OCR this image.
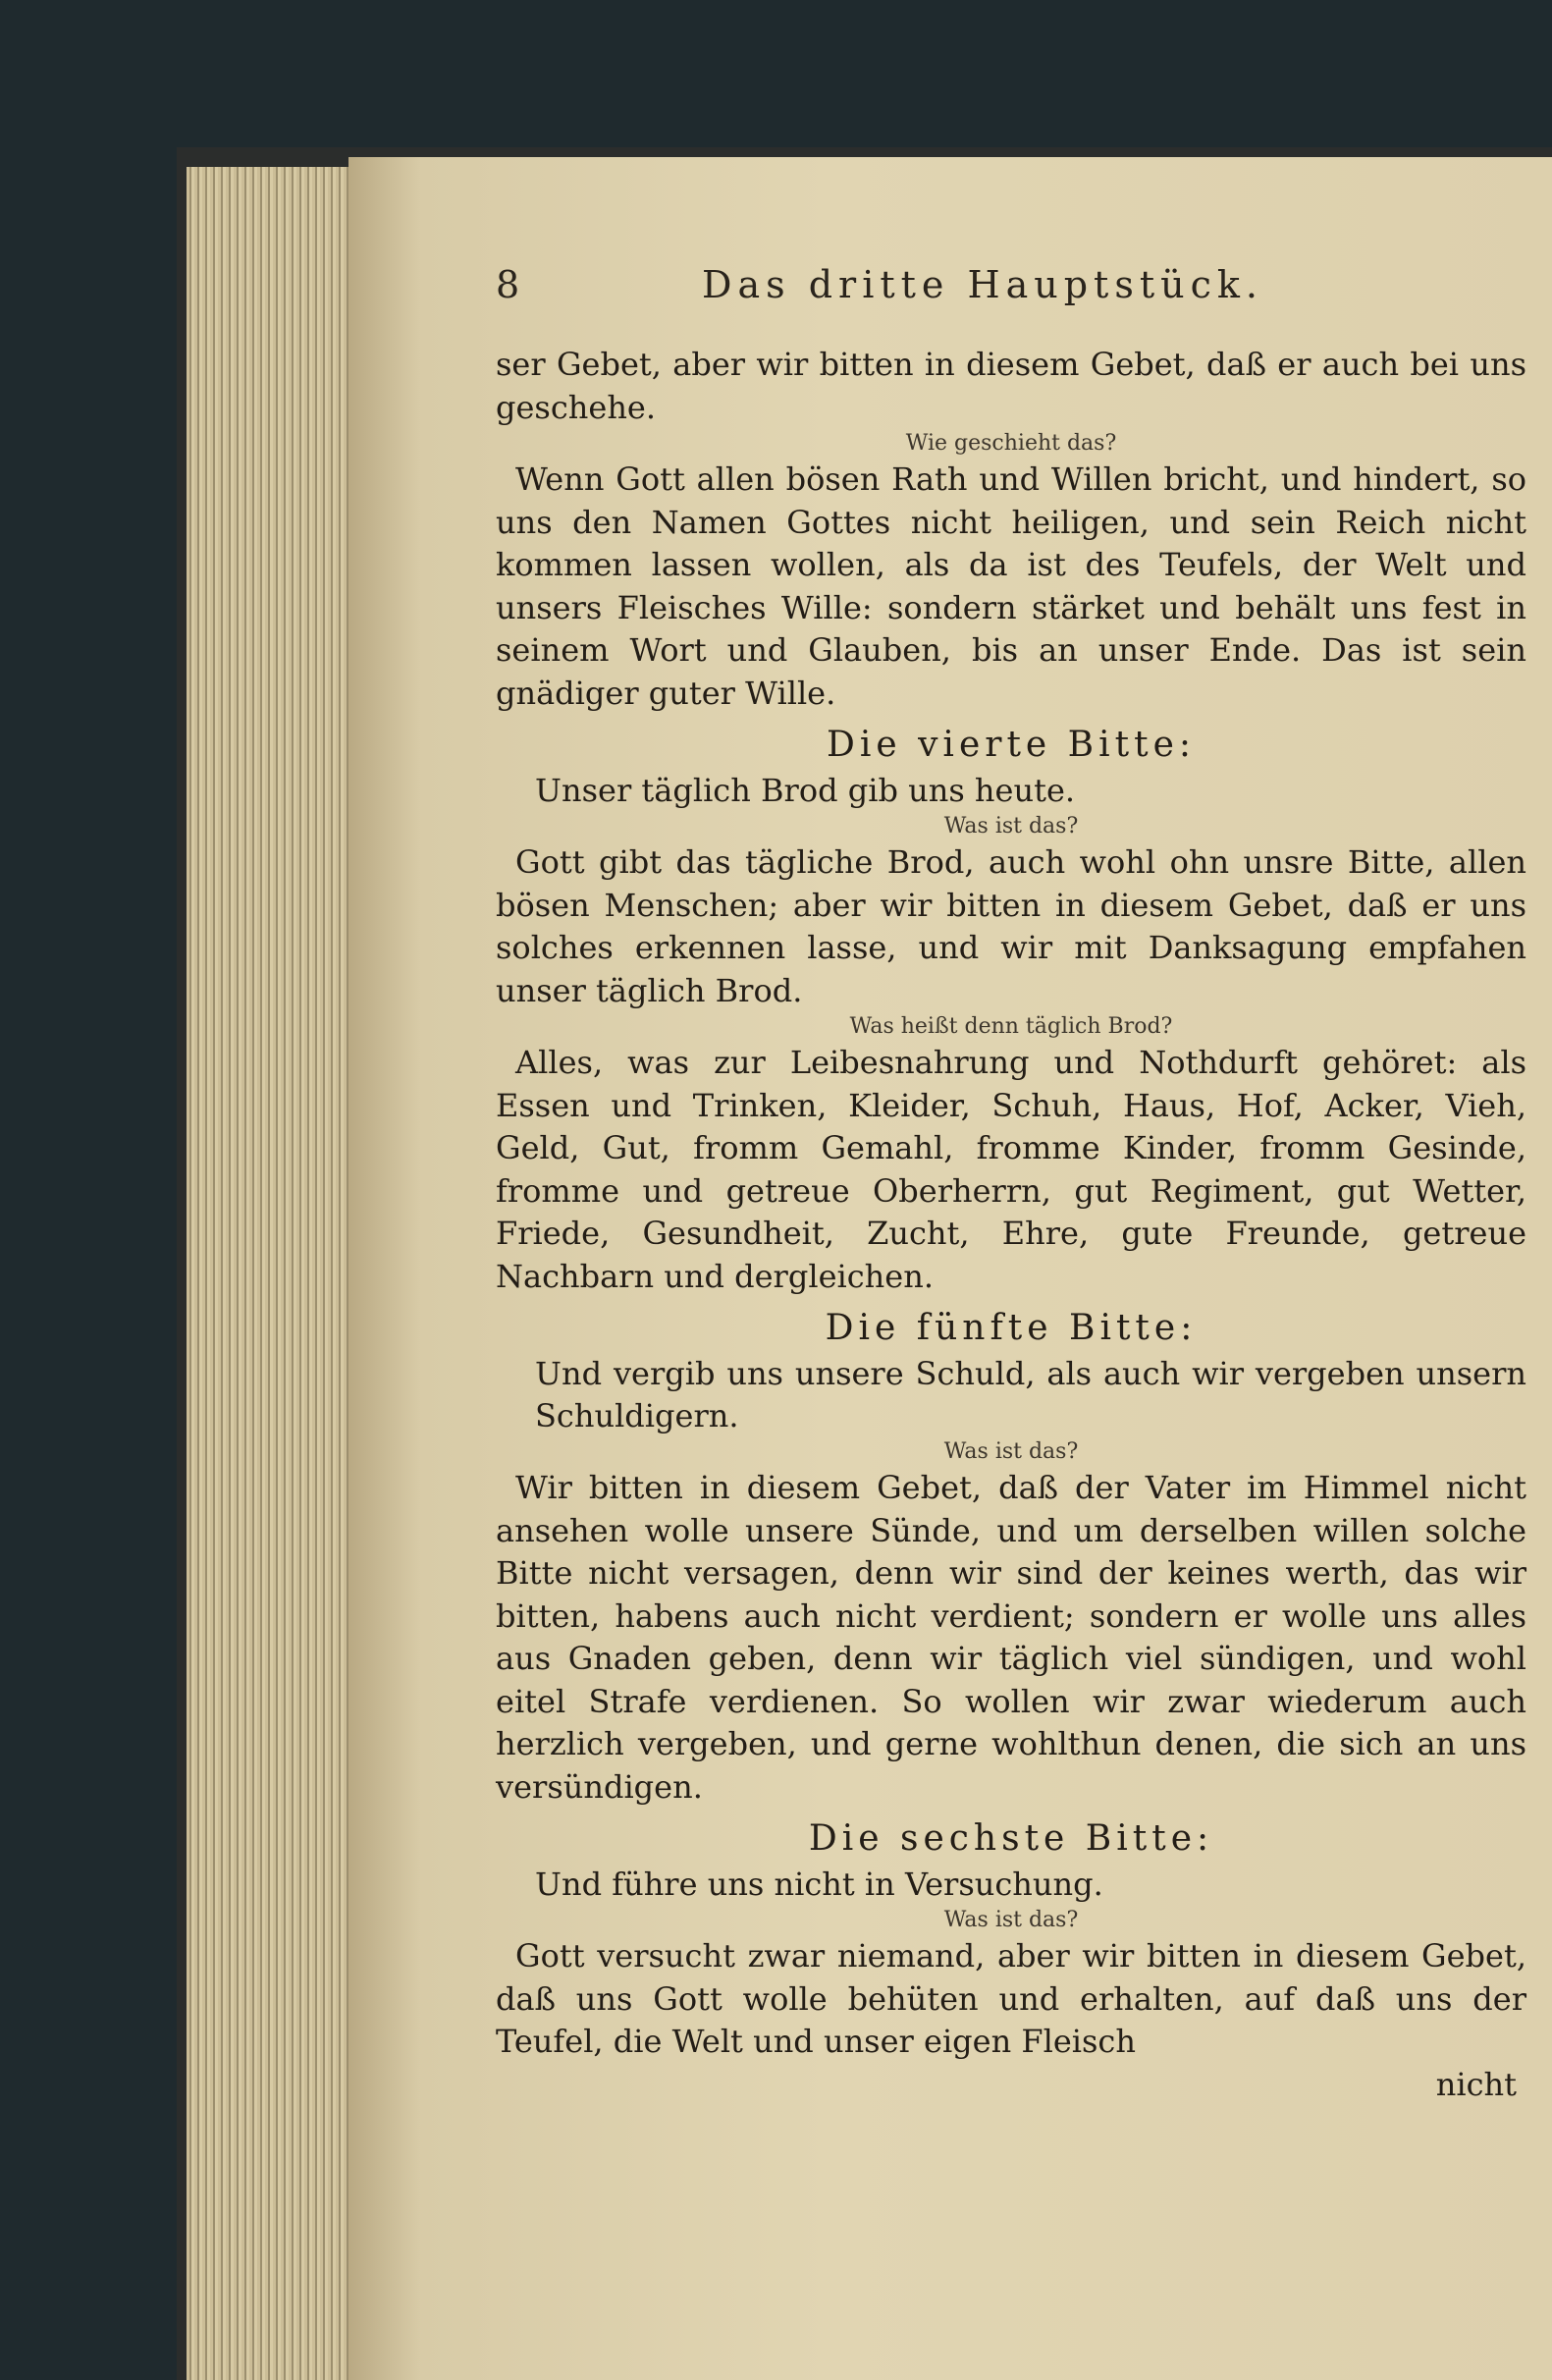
8	Das dritte Hauptstück.

ser Gebet, aber wir bitten in diesem Gebet, daß er auch bei uns geschehe.

Wie geschieht das?

Wenn Gott allen bösen Rath und Willen bricht, und hindert, so uns den Namen Gottes nicht heiligen, und sein Reich nicht kommen lassen wollen, als da ist des Teufels, der Welt und unsers Fleisches Wille: sondern stärket und behält uns fest in seinem Wort und Glauben, bis an unser Ende. Das ist sein gnädiger guter Wille.

Die vierte Bitte:

Unser täglich Brod gib uns heute.

Was ist das?

Gott gibt das tägliche Brod, auch wohl ohn unsre Bitte, allen bösen Menschen; aber wir bitten in diesem Gebet, daß er uns solches erkennen lasse, und wir mit Danksagung empfahen unser täglich Brod.

Was heißt denn täglich Brod?

Alles, was zur Leibesnahrung und Nothdurft gehöret: als Essen und Trinken, Kleider, Schuh, Haus, Hof, Acker, Vieh, Geld, Gut, fromm Gemahl, fromme Kinder, fromm Gesinde, fromme und getreue Oberherrn, gut Regiment, gut Wetter, Friede, Gesundheit, Zucht, Ehre, gute Freunde, getreue Nachbarn und dergleichen.

Die fünfte Bitte:

Und vergib uns unsere Schuld, als auch wir vergeben unsern Schuldigern.

Was ist das?

Wir bitten in diesem Gebet, daß der Vater im Himmel nicht ansehen wolle unsere Sünde, und um derselben willen solche Bitte nicht versagen, denn wir sind der keines werth, das wir bitten, habens auch nicht verdient; sondern er wolle uns alles aus Gnaden geben, denn wir täglich viel sündigen, und wohl eitel Strafe verdienen. So wollen wir zwar wiederum auch herzlich vergeben, und gerne wohlthun denen, die sich an uns versündigen.

Die sechste Bitte:

Und führe uns nicht in Versuchung.

Was ist das?

Gott versucht zwar niemand, aber wir bitten in diesem Gebet, daß uns Gott wolle behüten und erhalten, auf daß uns der Teufel, die Welt und unser eigen Fleisch

nicht
